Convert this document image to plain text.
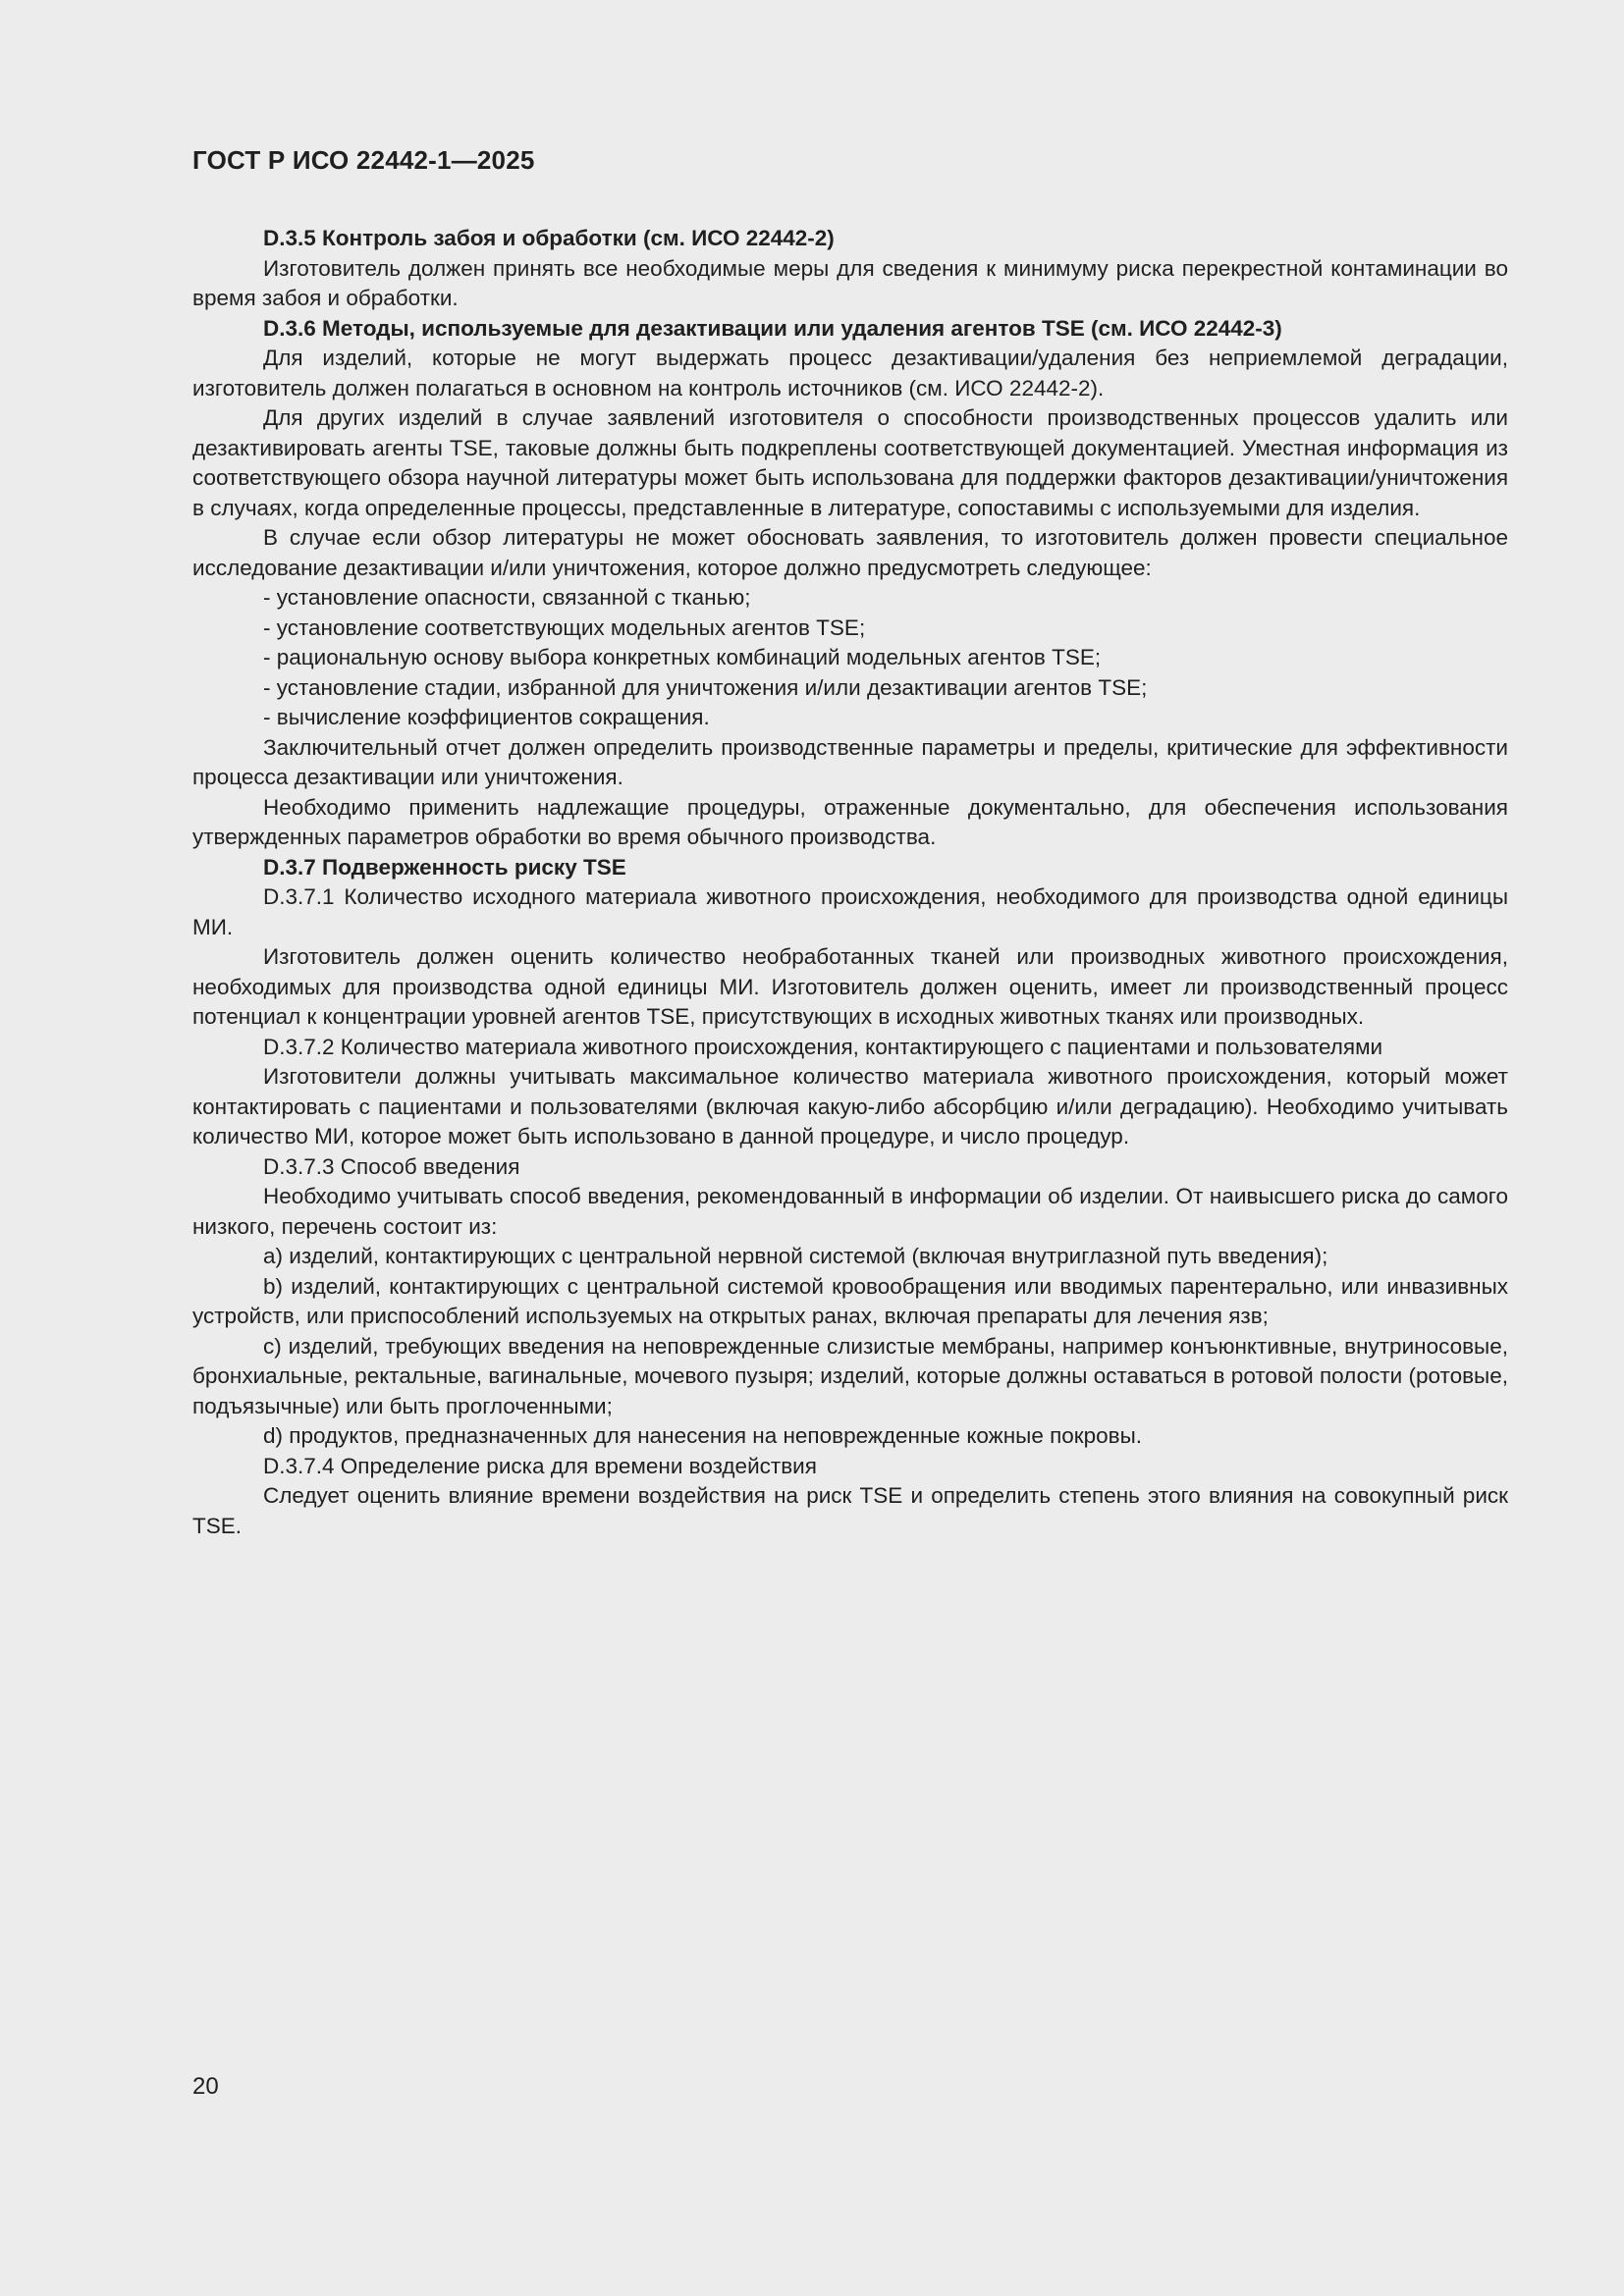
ГОСТ Р ИСО 22442-1—2025

D.3.5 Контроль забоя и обработки (см. ИСО 22442-2)

Изготовитель должен принять все необходимые меры для сведения к минимуму риска перекрестной контаминации во время забоя и обработки.

D.3.6 Методы, используемые для дезактивации или удаления агентов TSE (см. ИСО 22442-3)

Для изделий, которые не могут выдержать процесс дезактивации/удаления без неприемлемой деградации, изготовитель должен полагаться в основном на контроль источников (см. ИСО 22442-2).

Для других изделий в случае заявлений изготовителя о способности производственных процессов удалить или дезактивировать агенты TSE, таковые должны быть подкреплены соответствующей документацией. Уместная информация из соответствующего обзора научной литературы может быть использована для поддержки факторов дезактивации/уничтожения в случаях, когда определенные процессы, представленные в литературе, сопоставимы с используемыми для изделия.

В случае если обзор литературы не может обосновать заявления, то изготовитель должен провести специальное исследование дезактивации и/или уничтожения, которое должно предусмотреть следующее:

- установление опасности, связанной с тканью;

- установление соответствующих модельных агентов TSE;

- рациональную основу выбора конкретных комбинаций модельных агентов TSE;

- установление стадии, избранной для уничтожения и/или дезактивации агентов TSE;

- вычисление коэффициентов сокращения.

Заключительный отчет должен определить производственные параметры и пределы, критические для эффективности процесса дезактивации или уничтожения.

Необходимо применить надлежащие процедуры, отраженные документально, для обеспечения использования утвержденных параметров обработки во время обычного производства.

D.3.7 Подверженность риску TSE

D.3.7.1 Количество исходного материала животного происхождения, необходимого для производства одной единицы МИ.

Изготовитель должен оценить количество необработанных тканей или производных животного происхождения, необходимых для производства одной единицы МИ. Изготовитель должен оценить, имеет ли производственный процесс потенциал к концентрации уровней агентов TSE, присутствующих в исходных животных тканях или производных.

D.3.7.2 Количество материала животного происхождения, контактирующего с пациентами и пользователями

Изготовители должны учитывать максимальное количество материала животного происхождения, который может контактировать с пациентами и пользователями (включая какую-либо абсорбцию и/или деградацию). Необходимо учитывать количество МИ, которое может быть использовано в данной процедуре, и число процедур.

D.3.7.3 Способ введения

Необходимо учитывать способ введения, рекомендованный в информации об изделии. От наивысшего риска до самого низкого, перечень состоит из:

a) изделий, контактирующих с центральной нервной системой (включая внутриглазной путь введения);

b) изделий, контактирующих с центральной системой кровообращения или вводимых парентерально, или инвазивных устройств, или приспособлений используемых на открытых ранах, включая препараты для лечения язв;

c) изделий, требующих введения на неповрежденные слизистые мембраны, например конъюнктивные, внутриносовые, бронхиальные, ректальные, вагинальные, мочевого пузыря; изделий, которые должны оставаться в ротовой полости (ротовые, подъязычные) или быть проглоченными;

d) продуктов, предназначенных для нанесения на неповрежденные кожные покровы.

D.3.7.4 Определение риска для времени воздействия

Следует оценить влияние времени воздействия на риск TSE и определить степень этого влияния на совокупный риск TSE.

20
